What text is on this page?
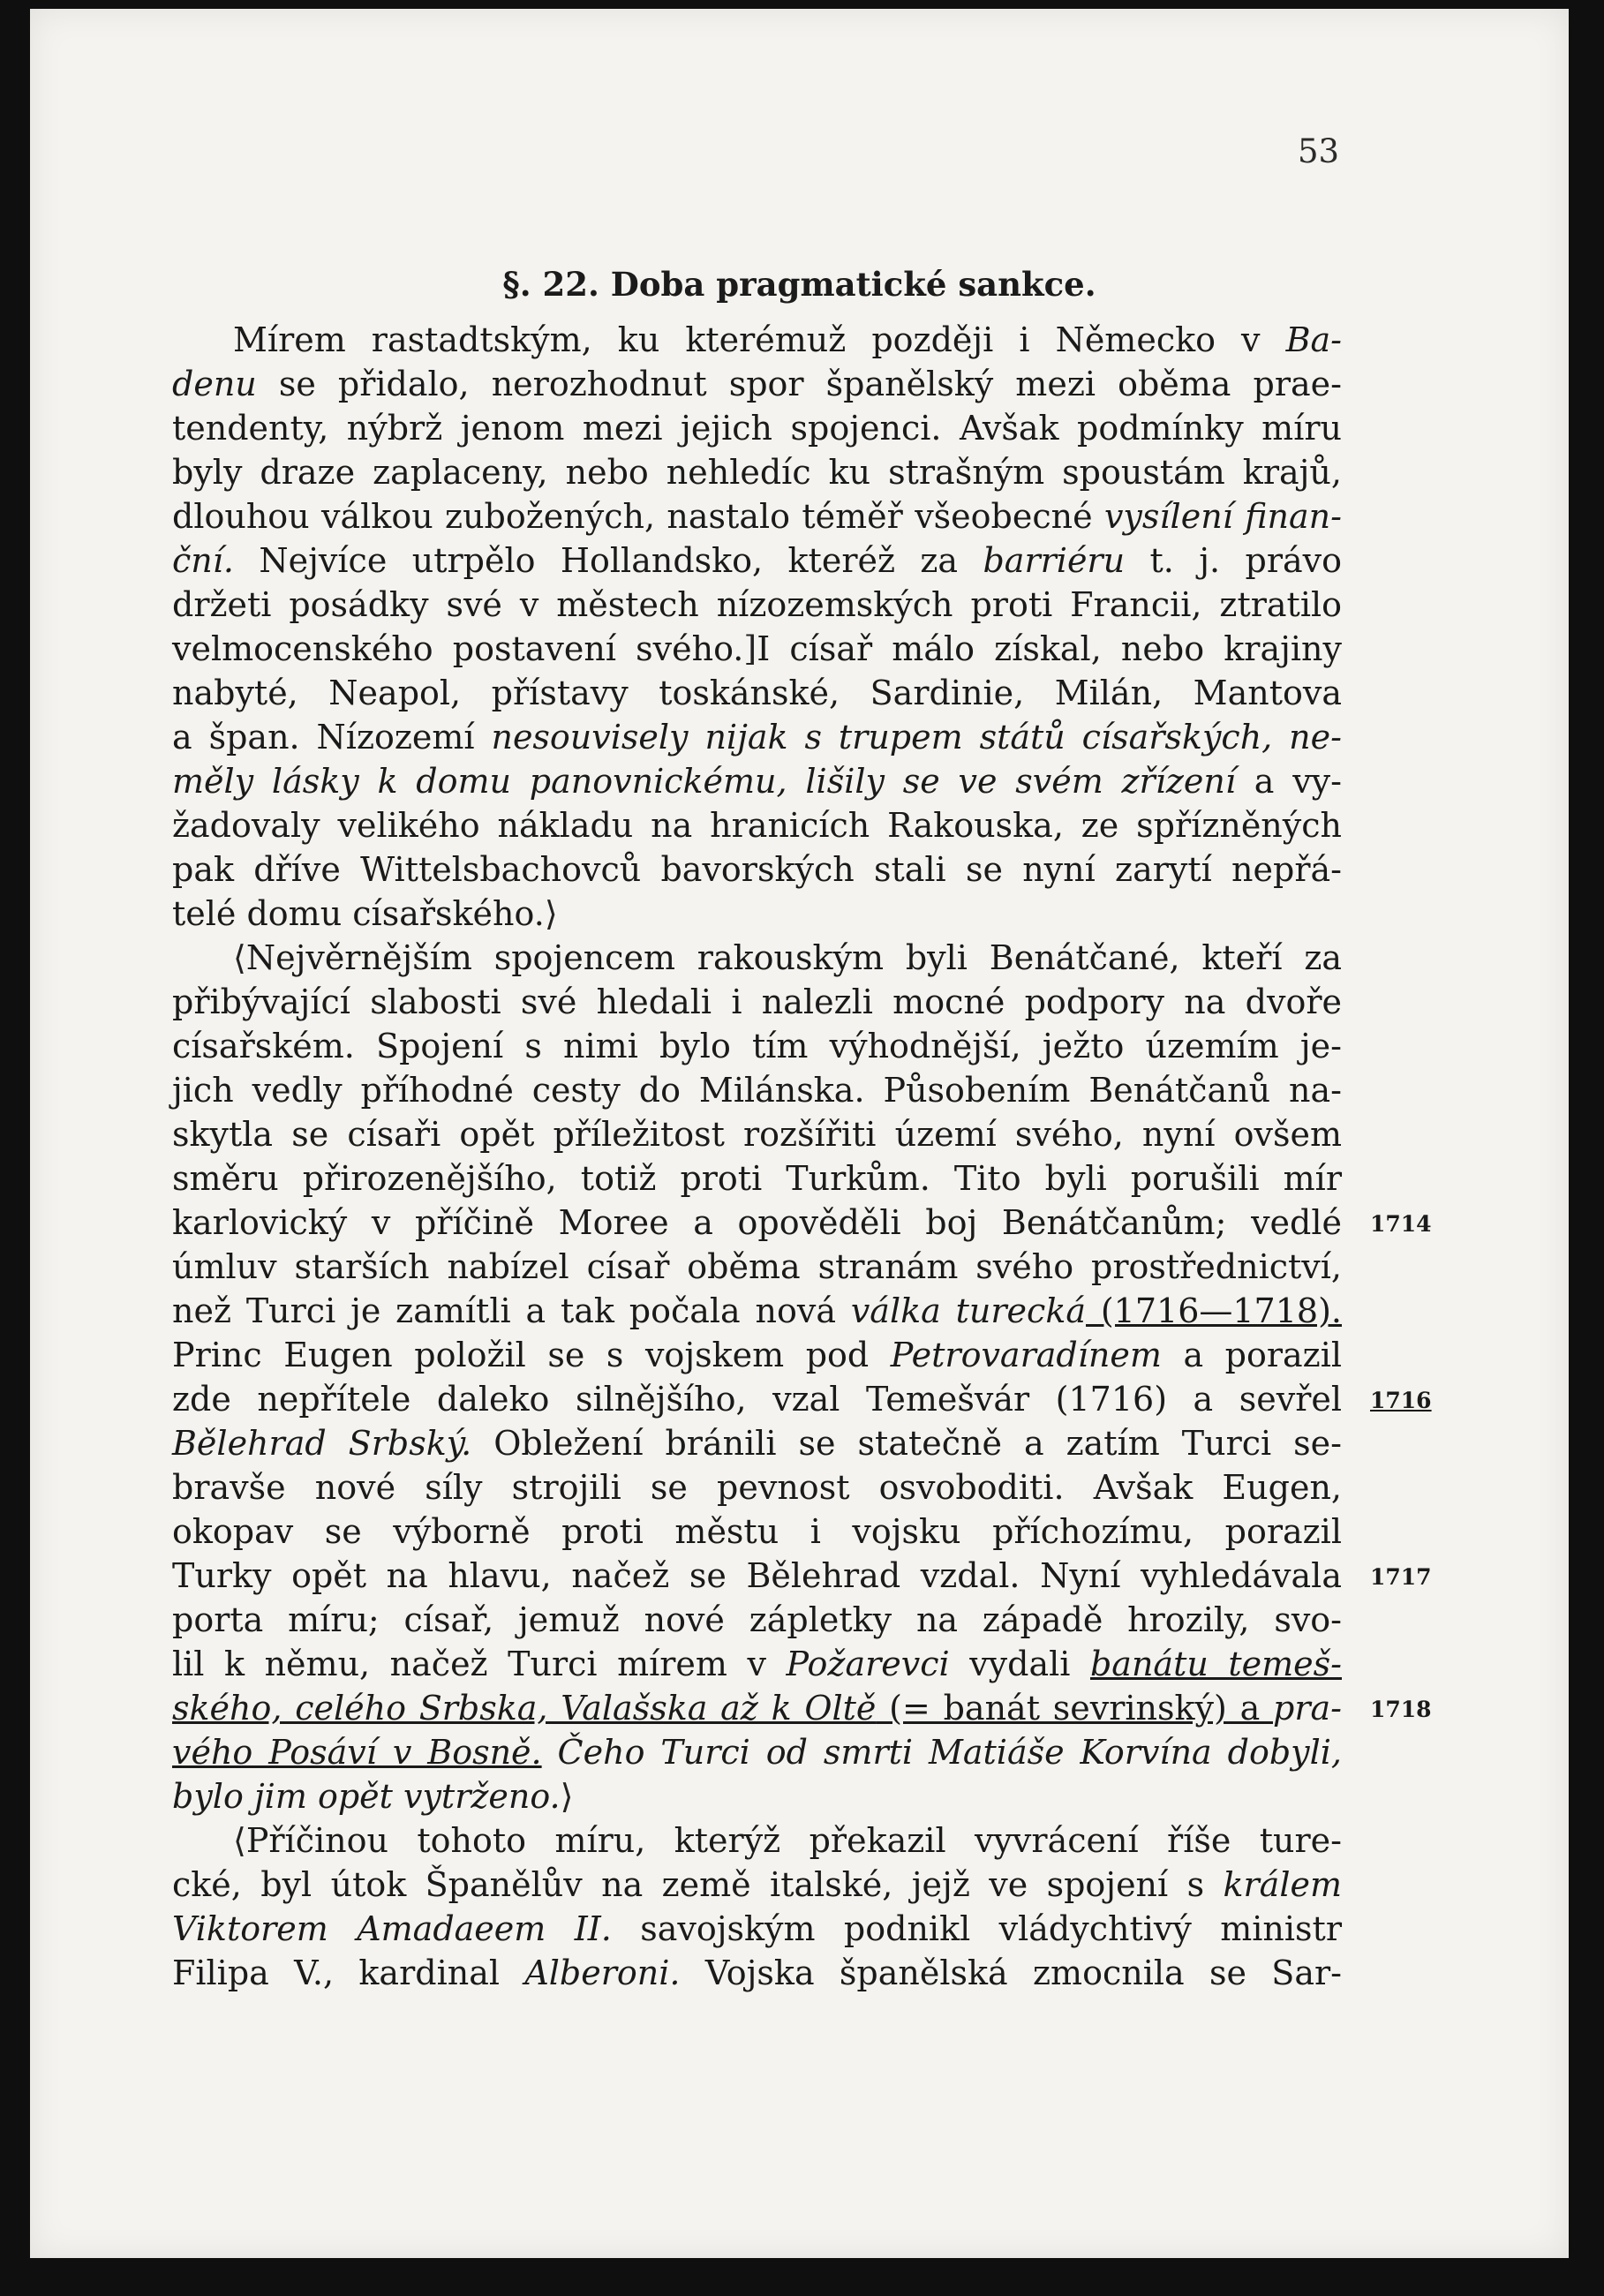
53
§. 22. Doba pragmatické sankce.
Mírem rastadtským, ku kterémuž později i Německo v Ba-
denu se přidalo, nerozhodnut spor španělský mezi oběma prae-
tendenty, nýbrž jenom mezi jejich spojenci. Avšak podmínky míru
byly draze zaplaceny, nebo nehledíc ku strašným spoustám krajů,
dlouhou válkou zubožených, nastalo téměř všeobecné vysílení finan-
ční. Nejvíce utrpělo Hollandsko, kteréž za barriéru t. j. právo
držeti posádky své v městech nízozemských proti Francii, ztratilo
velmocenského postavení svého.]I císař málo získal, nebo krajiny
nabyté, Neapol, přístavy toskánské, Sardinie, Milán, Mantova
a špan. Nízozemí nesouvisely nijak s trupem států císařských, ne-
měly lásky k domu panovnickému, lišily se ve svém zřízení a vy-
žadovaly velikého nákladu na hranicích Rakouska, ze spřízněných
pak dříve Wittelsbachovců bavorských stali se nyní zarytí nepřá-
telé domu císařského.⟩
⟨Nejvěrnějším spojencem rakouským byli Benátčané, kteří za
přibývající slabosti své hledali i nalezli mocné podpory na dvoře
císařském. Spojení s nimi bylo tím výhodnější, ježto územím je-
jich vedly příhodné cesty do Milánska. Působením Benátčanů na-
skytla se císaři opět příležitost rozšířiti území svého, nyní ovšem
směru přirozenějšího, totiž proti Turkům. Tito byli porušili mír
karlovický v příčině Moree a opověděli boj Benátčanům; vedlé
úmluv starších nabízel císař oběma stranám svého prostřednictví,
než Turci je zamítli a tak počala nová válka turecká (1716—1718).
Princ Eugen položil se s vojskem pod Petrovaradínem a porazil
zde nepřítele daleko silnějšího, vzal Temešvár (1716) a sevřel
Bělehrad Srbský. Obležení bránili se statečně a zatím Turci se-
bravše nové síly strojili se pevnost osvoboditi. Avšak Eugen,
okopav se výborně proti městu i vojsku příchozímu, porazil
Turky opět na hlavu, načež se Bělehrad vzdal. Nyní vyhledávala
porta míru; císař, jemuž nové zápletky na západě hrozily, svo-
lil k němu, načež Turci mírem v Požarevci vydali banátu temeš-
ského, celého Srbska, Valašska až k Oltě (= banát sevrinský) a pra-
vého Posáví v Bosně. Čeho Turci od smrti Matiáše Korvína dobyli,
bylo jim opět vytrženo.⟩
⟨Příčinou tohoto míru, kterýž překazil vyvrácení říše ture-
cké, byl útok Španělův na země italské, jejž ve spojení s králem
Viktorem Amadaeem II. savojským podnikl vládychtivý ministr
Filipa V., kardinal Alberoni. Vojska španělská zmocnila se Sar-
1714
1716
1717
1718
